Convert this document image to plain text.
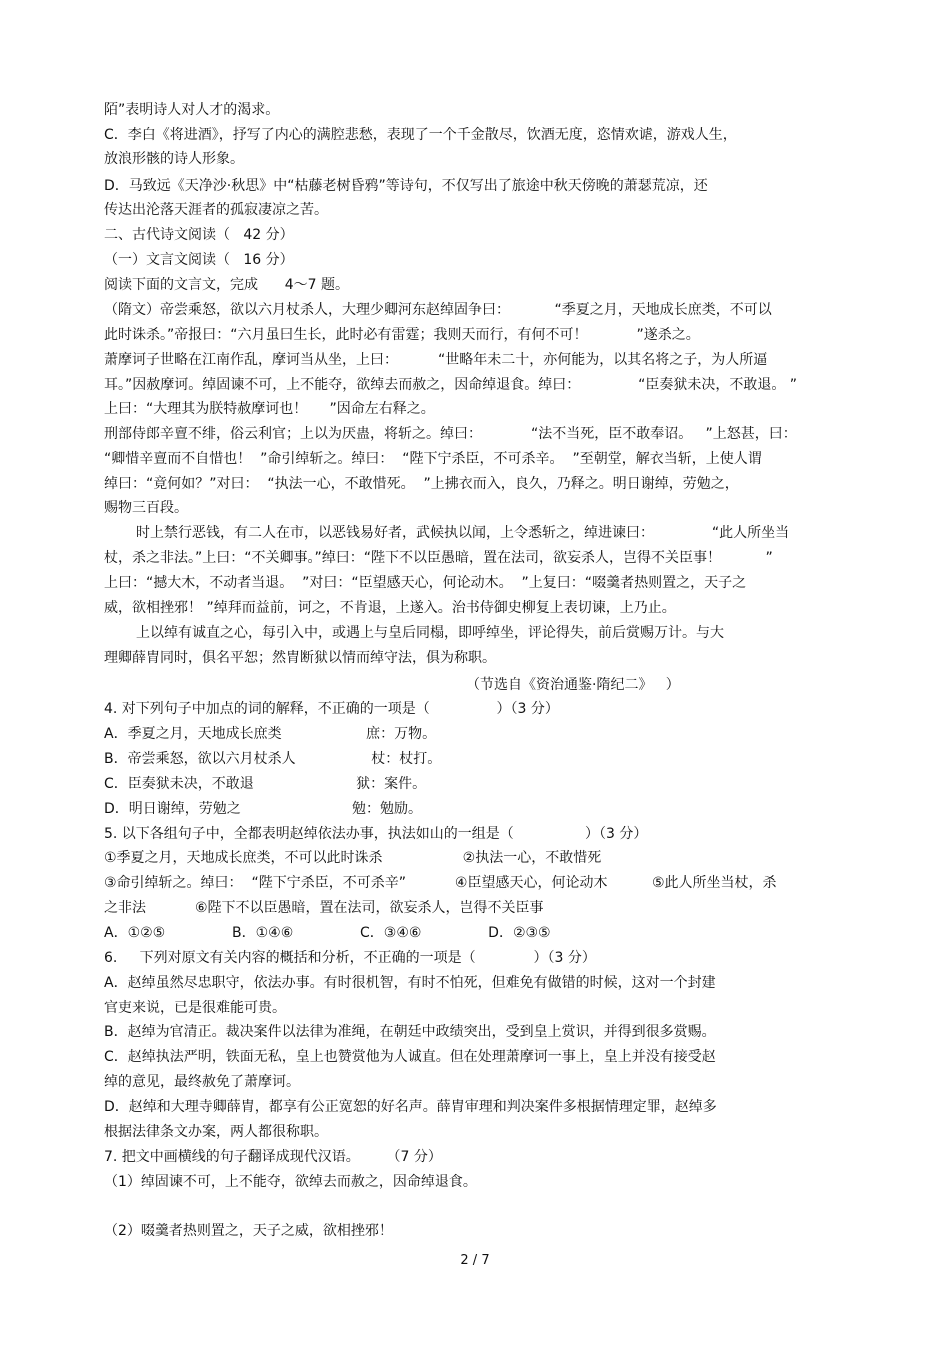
陌”表明诗人对人才的渴求。
C．李白《将进酒》，抒写了内心的满腔悲愁，表现了一个千金散尽，饮酒无度，恣情欢谑，游戏人生，
放浪形骸的诗人形象。
D．马致远《天净沙·秋思》中“枯藤老树昏鸦”等诗句，不仅写出了旅途中秋天傍晚的萧瑟荒凉，还
传达出沦落天涯者的孤寂凄凉之苦。
二、古代诗文阅读（   42 分）
（一）文言文阅读（   16 分）
阅读下面的文言文，完成      4～7 题。
（隋文）帝尝乘怒，欲以六月杖杀人，大理少卿河东赵绰固争曰：          “季夏之月，天地成长庶类，不可以
此时诛杀。”帝报曰：“六月虽曰生长，此时必有雷霆；我则天而行，有何不可！           ”遂杀之。
萧摩诃子世略在江南作乱，摩诃当从坐，上曰：         “世略年未二十，亦何能为，以其名将之子，为人所逼
耳。”因赦摩诃。绰固谏不可，上不能夺，欲绰去而赦之，因命绰退食。绰曰：             “臣奏狱未决，不敢退。 ”
上曰：“大理其为朕特赦摩诃也！     ”因命左右释之。
刑部侍郎辛亶不绯，俗云利官；上以为厌蛊，将斩之。绰曰：           “法不当死，臣不敢奉诏。   ”上怒甚，曰：
“卿惜辛亶而不自惜也！  ”命引绰斩之。绰曰：  “陛下宁杀臣，不可杀辛。  ”至朝堂，解衣当斩，上使人谓
绰曰：“竟何如？”对曰：  “执法一心，不敢惜死。  ”上拂衣而入，良久，乃释之。明日谢绰，劳勉之，
赐物三百段。
时上禁行恶钱，有二人在市，以恶钱易好者，武候执以闻，上令悉斩之，绰进谏曰：             “此人所坐当
杖，杀之非法。”上曰：“不关卿事。”绰曰：“陛下不以臣愚暗，置在法司，欲妄杀人，岂得不关臣事！          ”
上曰：“撼大木，不动者当退。  ”对曰：“臣望感天心，何论动木。  ”上复曰：“啜羹者热则置之，天子之
威，欲相挫邪！ ”绰拜而益前，诃之，不肯退，上遂入。治书侍御史柳复上表切谏，上乃止。
上以绰有诚直之心，每引入中，或遇上与皇后同榻，即呼绰坐，评论得失，前后赏赐万计。与大
理卿薛胄同时，俱名平恕；然胄断狱以情而绰守法，俱为称职。
（节选自《资治通鉴·隋纪二》   ）
4. 对下列句子中加点的词的解释，不正确的一项是（               ）（3 分）
A．季夏之月，天地成长庶类                   庶：万物。
B．帝尝乘怒，欲以六月杖杀人                 杖：杖打。
C．臣奏狱未决，不敢退                       狱：案件。
D．明日谢绰，劳勉之                         勉：勉励。
5. 以下各组句子中，全都表明赵绰依法办事，执法如山的一组是（                ）（3 分）
①季夏之月，天地成长庶类，不可以此时诛杀                  ②执法一心，不敢惜死
③命引绰斩之。绰曰：  “陛下宁杀臣，不可杀辛”           ④臣望感天心，何论动木          ⑤此人所坐当杖，杀
之非法           ⑥陛下不以臣愚暗，置在法司，欲妄杀人，岂得不关臣事
A．①②⑤               B．①④⑥               C．③④⑥               D．②③⑤
6.     下列对原文有关内容的概括和分析，不正确的一项是（             ）（3 分）
A．赵绰虽然尽忠职守，依法办事。有时很机智，有时不怕死，但难免有做错的时候，这对一个封建
官吏来说，已是很难能可贵。
B．赵绰为官清正。裁决案件以法律为准绳，在朝廷中政绩突出，受到皇上赏识，并得到很多赏赐。
C．赵绰执法严明，铁面无私，皇上也赞赏他为人诚直。但在处理萧摩诃一事上，皇上并没有接受赵
绰的意见，最终赦免了萧摩诃。
D．赵绰和大理寺卿薛胄，都享有公正宽恕的好名声。薛胄审理和判决案件多根据情理定罪，赵绰多
根据法律条文办案，两人都很称职。
7. 把文中画横线的句子翻译成现代汉语。      （7 分）
（1）绰固谏不可，上不能夺，欲绰去而赦之，因命绰退食。
（2）啜羹者热则置之，天子之威，欲相挫邪！
2 / 7
